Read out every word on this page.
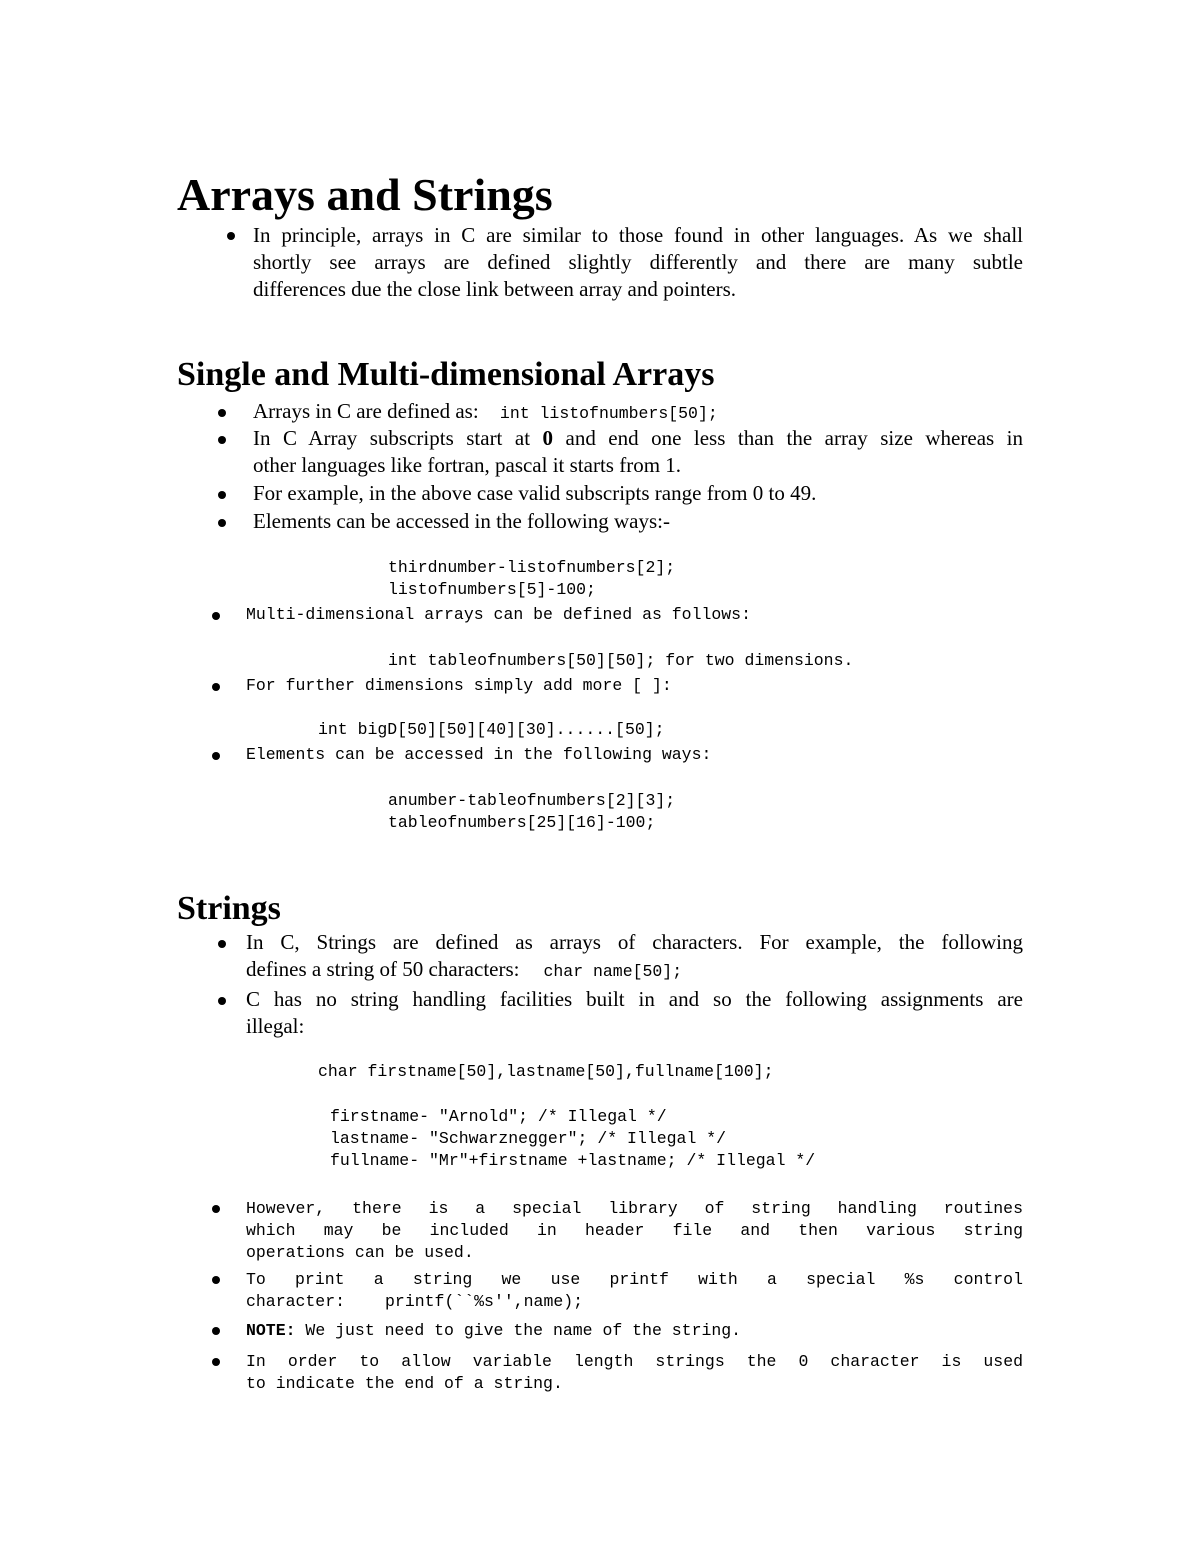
Arrays and Strings
In principle, arrays in C are similar to those found in other languages. As we shall
shortly see arrays are defined slightly differently and there are many subtle
differences due the close link between array and pointers.
Single and Multi-dimensional Arrays
Arrays in C are defined as: int listofnumbers[50];
In C Array subscripts start at 0 and end one less than the array size whereas in
other languages like fortran, pascal it starts from 1.
For example, in the above case valid subscripts range from 0 to 49.
Elements can be accessed in the following ways:-
thirdnumber-listofnumbers[2];
listofnumbers[5]-100;
Multi-dimensional arrays can be defined as follows:
int tableofnumbers[50][50]; for two dimensions.
For further dimensions simply add more [ ]:
int bigD[50][50][40][30]......[50];
Elements can be accessed in the following ways:
anumber-tableofnumbers[2][3];
tableofnumbers[25][16]-100;
Strings
In C, Strings are defined as arrays of characters. For example, the following
defines a string of 50 characters: char name[50];
C has no string handling facilities built in and so the following assignments are
illegal:
char firstname[50],lastname[50],fullname[100];
firstname- "Arnold"; /* Illegal */
lastname- "Schwarznegger"; /* Illegal */
fullname- "Mr"+firstname +lastname; /* Illegal */
However, there is a special library of string handling routines
which may be included in header file and then various string
operations can be used.
To print a string we use printf with a special %s control
character: printf(``%s'',name);
NOTE: We just need to give the name of the string.
In order to allow variable length strings the 0 character is used
to indicate the end of a string.
